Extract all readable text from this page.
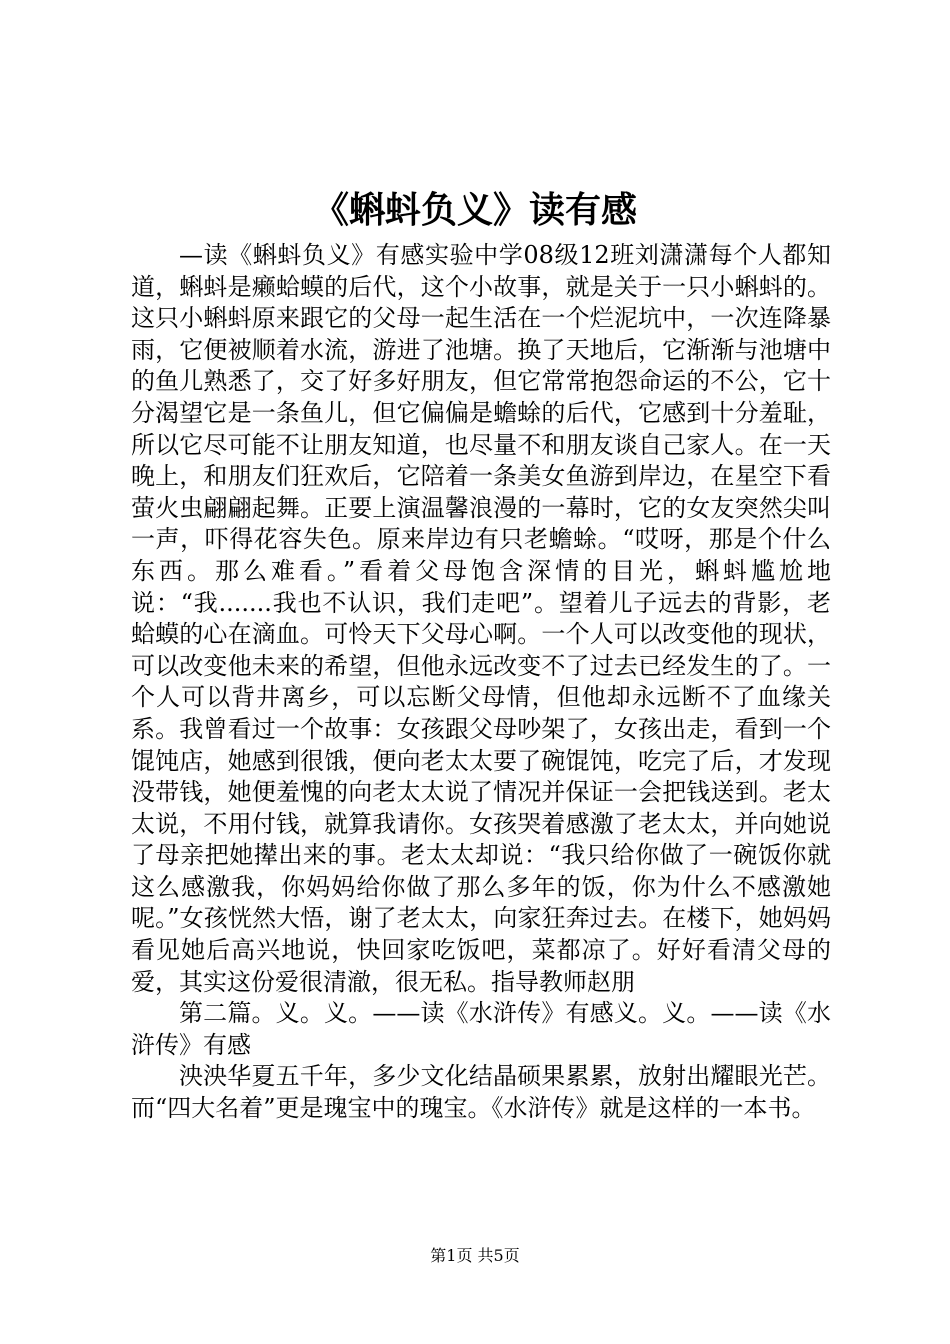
《蝌蚪负义》读有感

—读《蝌蚪负义》有感实验中学08级12班刘潇潇每个人都知道，蝌蚪是癞蛤蟆的后代，这个小故事，就是关于一只小蝌蚪的。这只小蝌蚪原来跟它的父母一起生活在一个烂泥坑中，一次连降暴雨，它便被顺着水流，游进了池塘。换了天地后，它渐渐与池塘中的鱼儿熟悉了，交了好多好朋友，但它常常抱怨命运的不公，它十分渴望它是一条鱼儿，但它偏偏是蟾蜍的后代，它感到十分羞耻，所以它尽可能不让朋友知道，也尽量不和朋友谈自己家人。在一天晚上，和朋友们狂欢后，它陪着一条美女鱼游到岸边，在星空下看萤火虫翩翩起舞。正要上演温馨浪漫的一幕时，它的女友突然尖叫一声，吓得花容失色。原来岸边有只老蟾蜍。“哎呀，那是个什么东西。那么难看。”看着父母饱含深情的目光，蝌蚪尴尬地说：“我.......我也不认识，我们走吧”。望着儿子远去的背影，老蛤蟆的心在滴血。可怜天下父母心啊。一个人可以改变他的现状，可以改变他未来的希望，但他永远改变不了过去已经发生的了。一个人可以背井离乡，可以忘断父母情，但他却永远断不了血缘关系。我曾看过一个故事：女孩跟父母吵架了，女孩出走，看到一个馄饨店，她感到很饿，便向老太太要了碗馄饨，吃完了后，才发现没带钱，她便羞愧的向老太太说了情况并保证一会把钱送到。老太太说，不用付钱，就算我请你。女孩哭着感激了老太太，并向她说了母亲把她撵出来的事。老太太却说：“我只给你做了一碗饭你就这么感激我，你妈妈给你做了那么多年的饭，你为什么不感激她呢。”女孩恍然大悟，谢了老太太，向家狂奔过去。在楼下，她妈妈看见她后高兴地说，快回家吃饭吧，菜都凉了。好好看清父母的爱，其实这份爱很清澈，很无私。指导教师赵朋

第二篇。义。义。——读《水浒传》有感义。义。——读《水浒传》有感

泱泱华夏五千年，多少文化结晶硕果累累，放射出耀眼光芒。而“四大名着”更是瑰宝中的瑰宝。《水浒传》就是这样的一本书。

第1页 共5页
